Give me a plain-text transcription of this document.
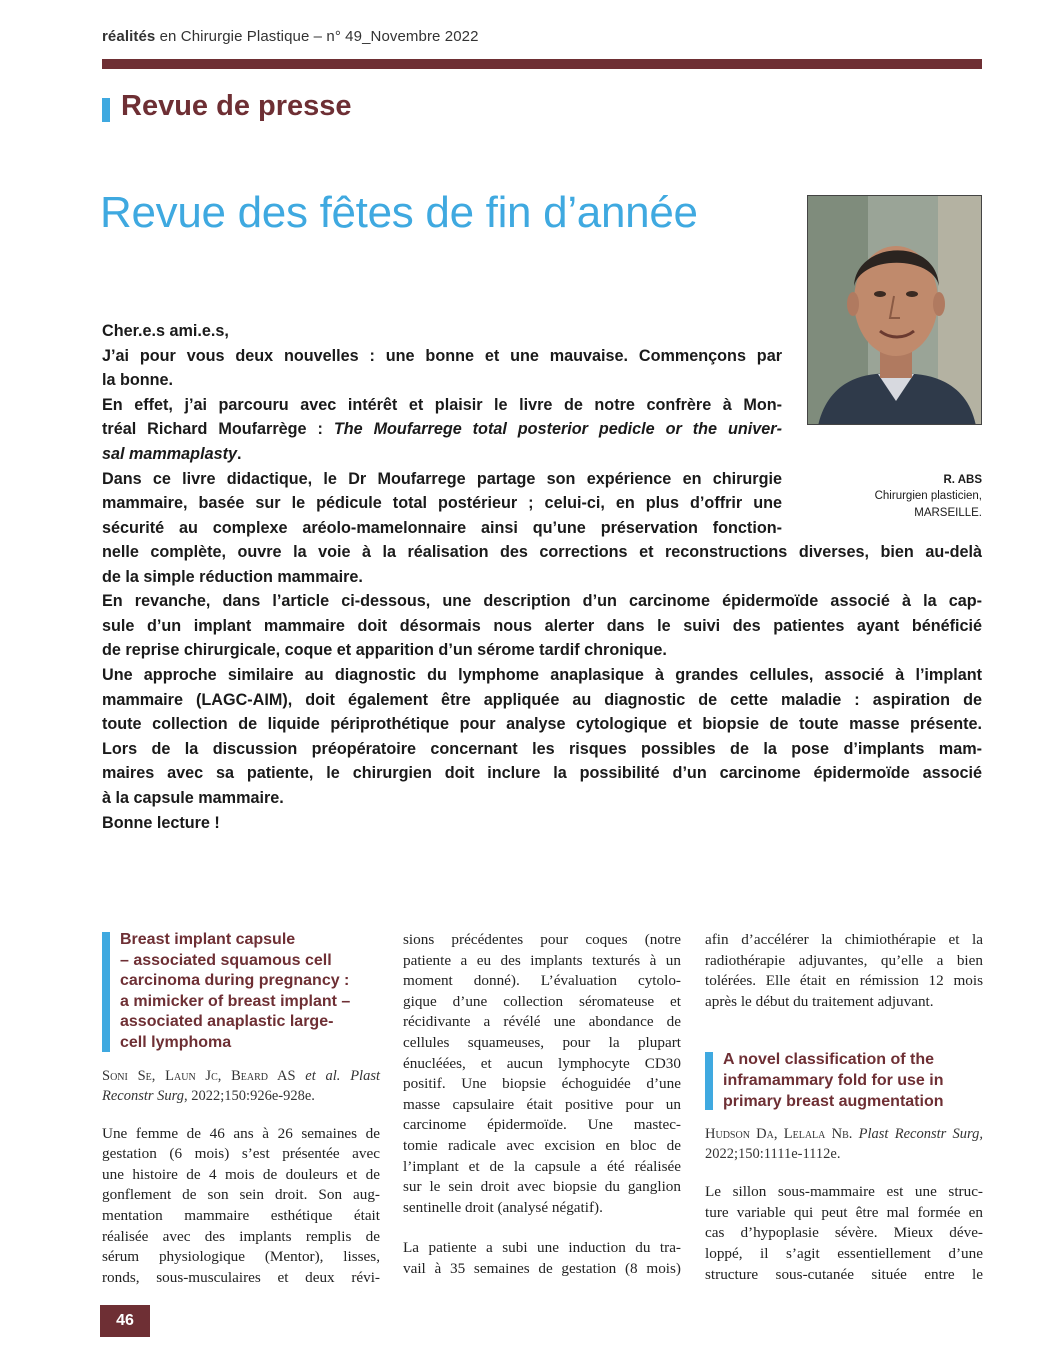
réalités en Chirurgie Plastique – n° 49_Novembre 2022
Revue de presse
Revue des fêtes de fin d’année
R. ABS
Chirurgien plasticien,
MARSEILLE.
Cher.e.s ami.e.s,
J’ai pour vous deux nouvelles : une bonne et une mauvaise. Commençons par
la bonne.
En effet, j’ai parcouru avec intérêt et plaisir le livre de notre confrère à Mon-
tréal Richard Moufarrège : The Moufarrege total posterior pedicle or the univer-
sal mammaplasty.
Dans ce livre didactique, le Dr Moufarrege partage son expérience en chirurgie
mammaire, basée sur le pédicule total postérieur ; celui-ci, en plus d’offrir une
sécurité au complexe aréolo-mamelonnaire ainsi qu’une préservation fonction-
nelle complète, ouvre la voie à la réalisation des corrections et reconstructions diverses, bien au-delà
de la simple réduction mammaire.
En revanche, dans l’article ci-dessous, une description d’un carcinome épidermoïde associé à la cap-
sule d’un implant mammaire doit désormais nous alerter dans le suivi des patientes ayant bénéficié
de reprise chirurgicale, coque et apparition d’un sérome tardif chronique.
Une approche similaire au diagnostic du lymphome anaplasique à grandes cellules, associé à l’implant
mammaire (LAGC-AIM), doit également être appliquée au diagnostic de cette maladie : aspiration de
toute collection de liquide périprothétique pour analyse cytologique et biopsie de toute masse présente.
Lors de la discussion préopératoire concernant les risques possibles de la pose d’implants mam-
maires avec sa patiente, le chirurgien doit inclure la possibilité d’un carcinome épidermoïde associé
à la capsule mammaire.
Bonne lecture !
Breast implant capsule
– associated squamous cell
carcinoma during pregnancy :
a mimicker of breast implant –
associated anaplastic large-
cell lymphoma
Soni Se, Laun Jc, Beard AS et al. Plast
Reconstr Surg, 2022;150:926e-928e.
Une femme de 46 ans à 26 semaines de
gestation (6 mois) s’est présentée avec
une histoire de 4 mois de douleurs et de
gonflement de son sein droit. Son aug-
mentation mammaire esthétique était
réalisée avec des implants remplis de
sérum physiologique (Mentor), lisses,
ronds, sous-musculaires et deux révi-
sions précédentes pour coques (notre
patiente a eu des implants texturés à un
moment donné). L’évaluation cytolo-
gique d’une collection séromateuse et
récidivante a révélé une abondance de
cellules squameuses, pour la plupart
énucléées, et aucun lymphocyte CD30
positif. Une biopsie échoguidée d’une
masse capsulaire était positive pour un
carcinome épidermoïde. Une mastec-
tomie radicale avec excision en bloc de
l’implant et de la capsule a été réalisée
sur le sein droit avec biopsie du ganglion
sentinelle droit (analysé négatif).
La patiente a subi une induction du tra-
vail à 35 semaines de gestation (8 mois)
afin d’accélérer la chimiothérapie et la
radiothérapie adjuvantes, qu’elle a bien
tolérées. Elle était en rémission 12 mois
après le début du traitement adjuvant.
A novel classification of the
inframammary fold for use in
primary breast augmentation
Hudson Da, Lelala Nb. Plast Reconstr Surg,
2022;150:1111e-1112e.
Le sillon sous-mammaire est une struc-
ture variable qui peut être mal formée en
cas d’hypoplasie sévère. Mieux déve-
loppé, il s’agit essentiellement d’une
structure sous-cutanée située entre le
46
